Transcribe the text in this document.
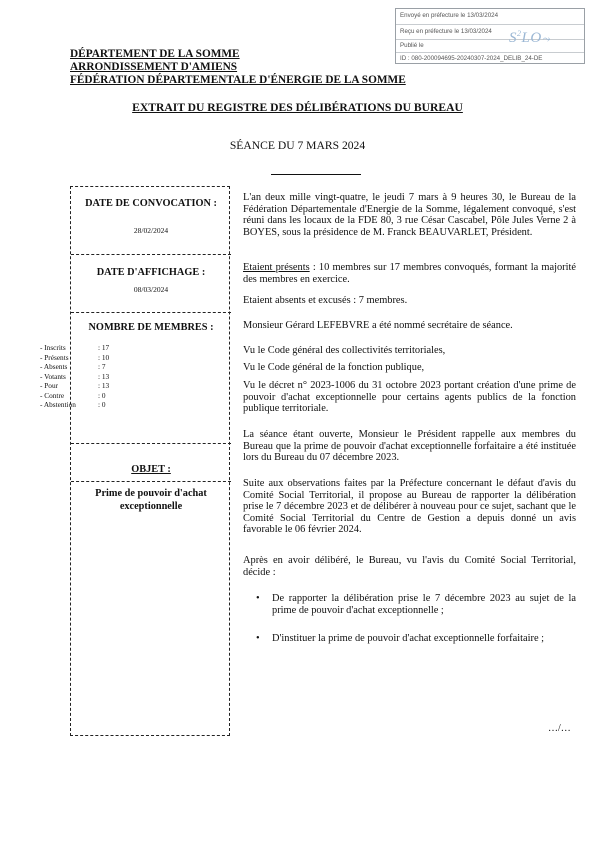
Envoyé en préfecture le 13/03/2024
Reçu en préfecture le 13/03/2024
Publié le
ID : 080-200094695-20240307-2024_DELIB_24-DE
$S^2LO⤳$
DÉPARTEMENT DE LA SOMME
ARRONDISSEMENT D'AMIENS
FÉDÉRATION DÉPARTEMENTALE D'ÉNERGIE DE LA SOMME
EXTRAIT DU REGISTRE DES DÉLIBÉRATIONS DU BUREAU
SÉANCE DU 7 MARS 2024
DATE DE CONVOCATION :
28/02/2024
DATE D'AFFICHAGE :
08/03/2024
NOMBRE DE MEMBRES :
OBJET :
Prime de pouvoir d'achat exceptionnelle
- Inscrits	: 17
- Présents	: 10
- Absents	: 7
- Votants	: 13
- Pour	: 13
- Contre	: 0
- Abstention	: 0
L'an deux mille vingt-quatre, le jeudi 7 mars à 9 heures 30, le Bureau de la Fédération Départementale d'Energie de la Somme, légalement convoqué, s'est réuni dans les locaux de la FDE 80, 3 rue César Cascabel, Pôle Jules Verne 2 à BOYES, sous la présidence de M. Franck BEAUVARLET, Président.
Etaient présents : 10 membres sur 17 membres convoqués, formant la majorité des membres en exercice.
Etaient absents et excusés : 7 membres.
Monsieur Gérard LEFEBVRE a été nommé secrétaire de séance.
Vu le Code général des collectivités territoriales,
Vu le Code général de la fonction publique,
Vu le décret n° 2023-1006 du 31 octobre 2023 portant création d'une prime de pouvoir d'achat exceptionnelle pour certains agents publics de la fonction publique territoriale.
La séance étant ouverte, Monsieur le Président rappelle aux membres du Bureau que la prime de pouvoir d'achat exceptionnelle forfaitaire a été instituée lors du Bureau du 07 décembre 2023.
Suite aux observations faites par la Préfecture concernant le défaut d'avis du Comité Social Territorial, il propose au Bureau de rapporter la délibération prise le 7 décembre 2023 et de délibérer à nouveau pour ce sujet, sachant que le Comité Social Territorial du Centre de Gestion a depuis donné un avis favorable le 06 février 2024.
Après en avoir délibéré, le Bureau, vu l'avis du Comité Social Territorial, décide :
•	De rapporter la délibération prise le 7 décembre 2023 au sujet de la prime de pouvoir d'achat exceptionnelle ;
•	D'instituer la prime de pouvoir d'achat exceptionnelle forfaitaire ;
…/…
